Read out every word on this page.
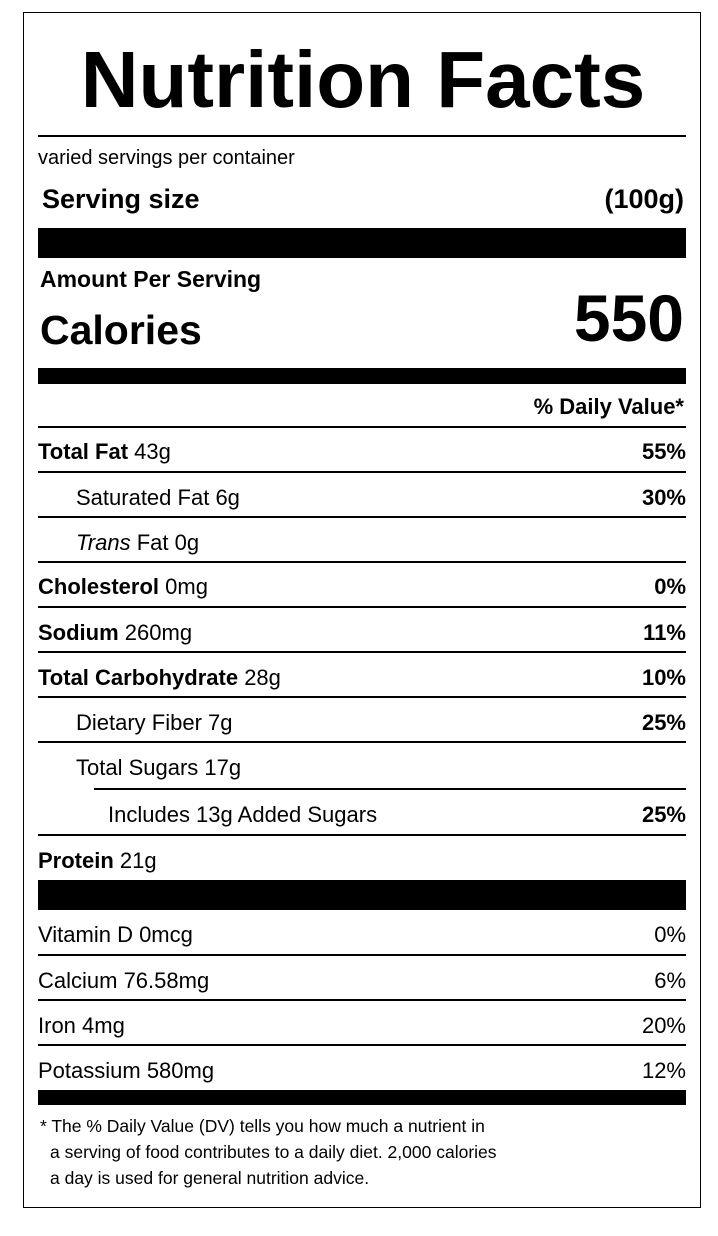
Nutrition Facts
varied servings per container
Serving size	(100g)
Amount Per Serving
Calories	550
% Daily Value*
Total Fat 43g	55%
Saturated Fat 6g	30%
Trans Fat 0g
Cholesterol 0mg	0%
Sodium 260mg	11%
Total Carbohydrate 28g	10%
Dietary Fiber 7g	25%
Total Sugars 17g
Includes 13g Added Sugars	25%
Protein 21g
Vitamin D 0mcg	0%
Calcium 76.58mg	6%
Iron 4mg	20%
Potassium 580mg	12%
* The % Daily Value (DV) tells you how much a nutrient in
a serving of food contributes to a daily diet. 2,000 calories
a day is used for general nutrition advice.
